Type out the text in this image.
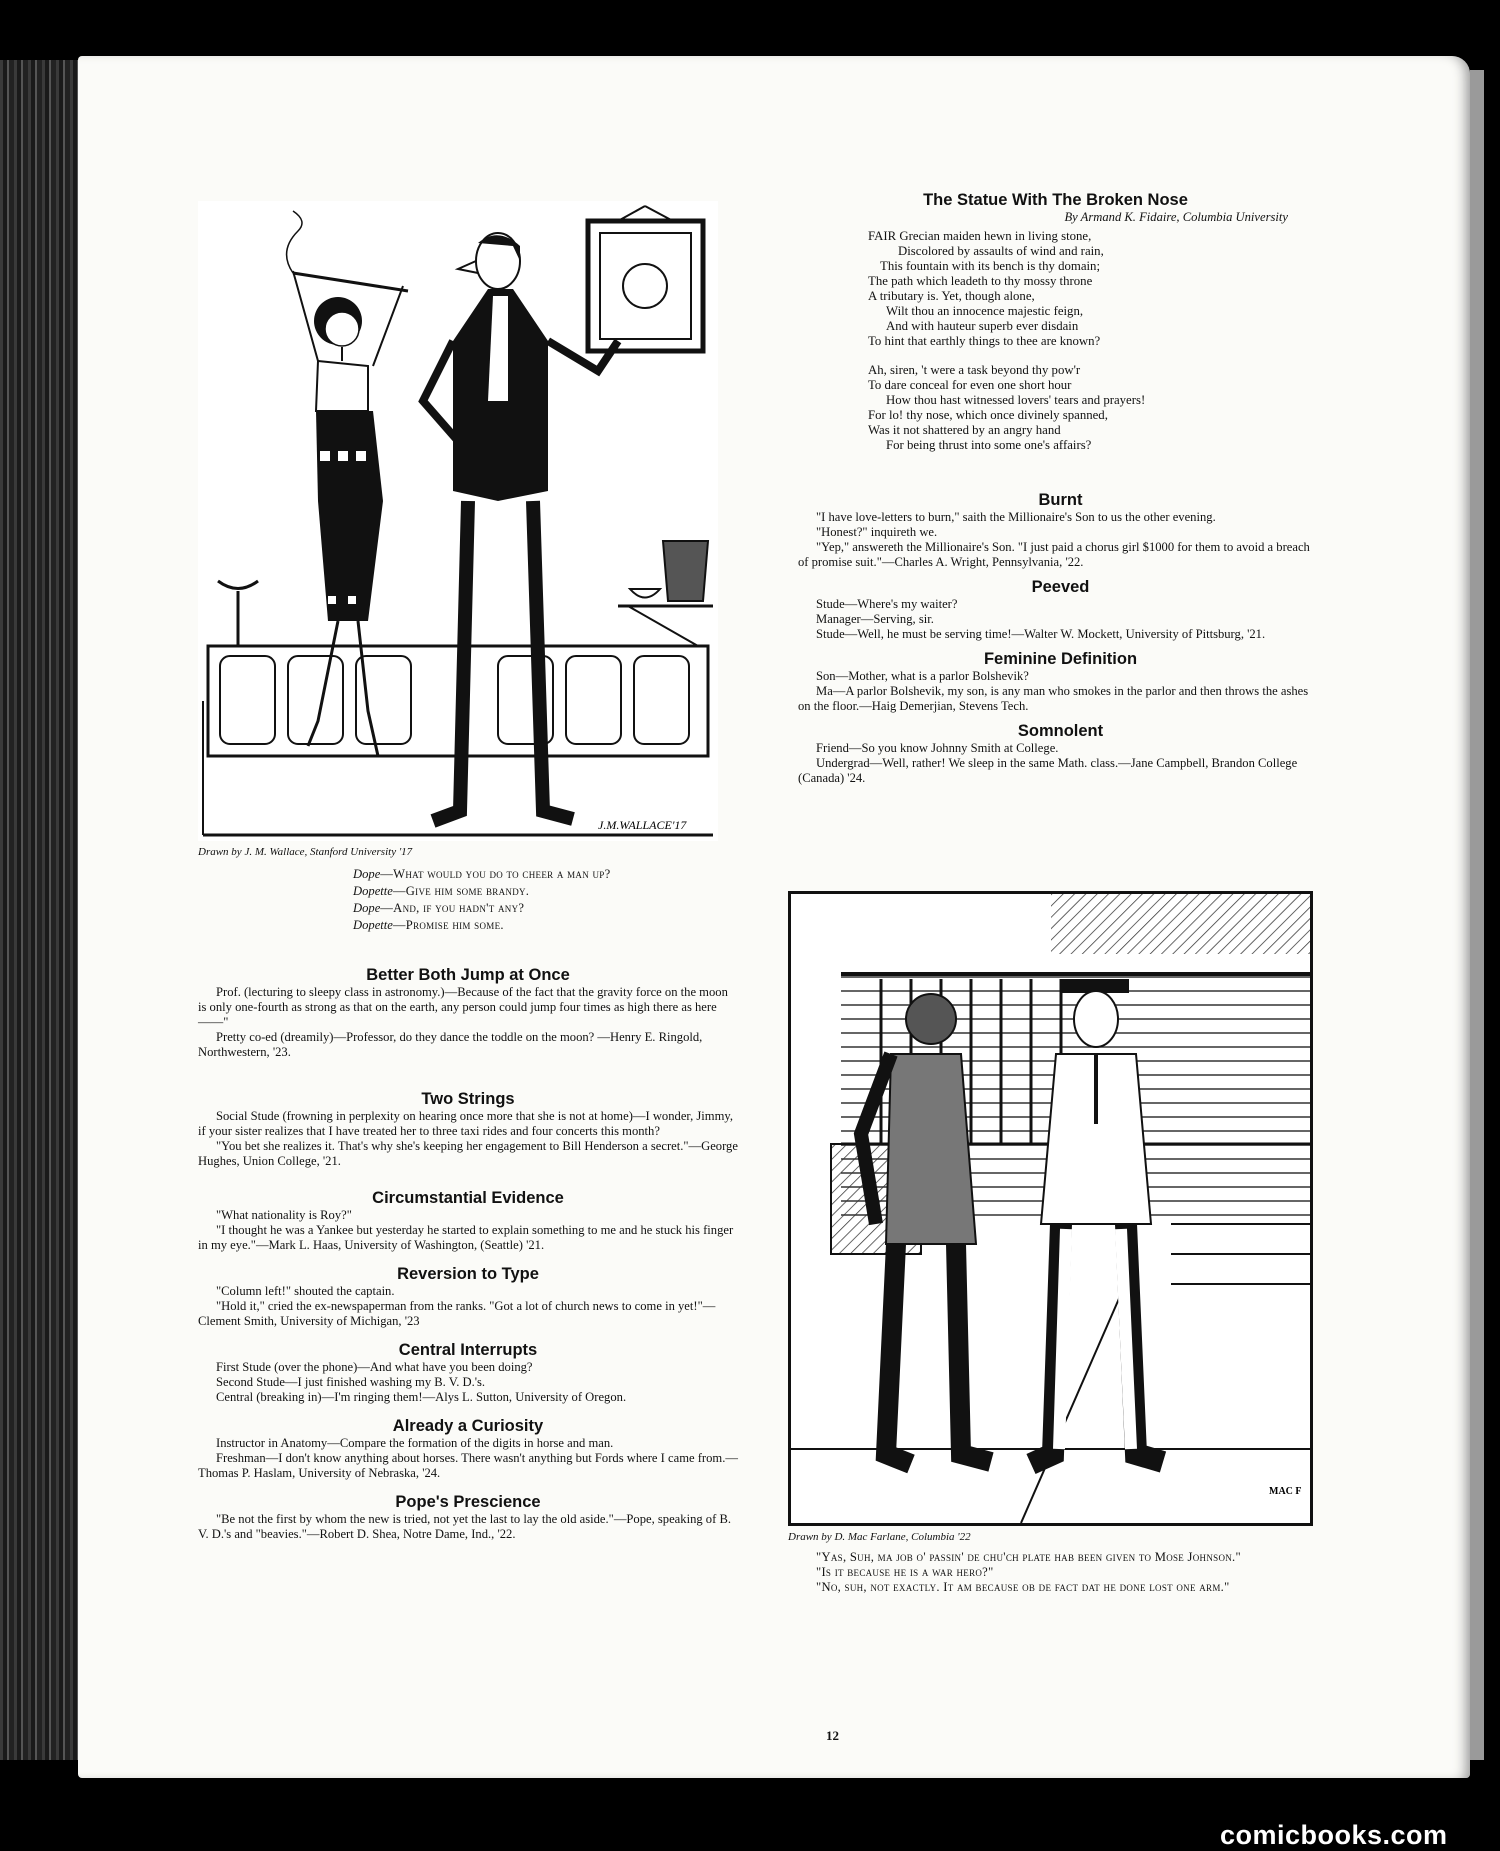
J.M.WALLACE'17
Drawn by J. M. Wallace, Stanford University '17
Dope—What would you do to cheer a man up?
Dopette—Give him some brandy.
Dope—And, if you hadn't any?
Dopette—Promise him some.
Better Both Jump at Once

Prof. (lecturing to sleepy class in astronomy.)—Because of the fact that the gravity force on the moon is only one-fourth as strong as that on the earth, any person could jump four times as high there as here——"

Pretty co-ed (dreamily)—Professor, do they dance the toddle on the moon? —Henry E. Ringold, Northwestern, '23.

Two Strings

Social Stude (frowning in perplexity on hearing once more that she is not at home)—I wonder, Jimmy, if your sister realizes that I have treated her to three taxi rides and four concerts this month?

"You bet she realizes it. That's why she's keeping her engagement to Bill Henderson a secret."—George Hughes, Union College, '21.

Circumstantial Evidence

"What nationality is Roy?"

"I thought he was a Yankee but yesterday he started to explain something to me and he stuck his finger in my eye."—Mark L. Haas, University of Washington, (Seattle) '21.

Reversion to Type

"Column left!" shouted the captain.

"Hold it," cried the ex-newspaperman from the ranks. "Got a lot of church news to come in yet!"—Clement Smith, University of Michigan, '23

Central Interrupts

First Stude (over the phone)—And what have you been doing?

Second Stude—I just finished washing my B. V. D.'s.

Central (breaking in)—I'm ringing them!—Alys L. Sutton, University of Oregon.

Already a Curiosity

Instructor in Anatomy—Compare the formation of the digits in horse and man.

Freshman—I don't know anything about horses. There wasn't anything but Fords where I came from.—Thomas P. Haslam, University of Nebraska, '24.

Pope's Prescience

"Be not the first by whom the new is tried, not yet the last to lay the old aside."—Pope, speaking of B. V. D.'s and "beavies."—Robert D. Shea, Notre Dame, Ind., '22.

The Statue With The Broken Nose
By Armand K. Fidaire, Columbia University
FAIR Grecian maiden hewn in living stone,
Discolored by assaults of wind and rain,
This fountain with its bench is thy domain;
The path which leadeth to thy mossy throne
A tributary is. Yet, though alone,
Wilt thou an innocence majestic feign,
And with hauteur superb ever disdain
To hint that earthly things to thee are known?
Ah, siren, 't were a task beyond thy pow'r
To dare conceal for even one short hour
How thou hast witnessed lovers' tears and prayers!
For lo! thy nose, which once divinely spanned,
Was it not shattered by an angry hand
For being thrust into some one's affairs?
Burnt

"I have love-letters to burn," saith the Millionaire's Son to us the other evening.

"Honest?" inquireth we.

"Yep," answereth the Millionaire's Son. "I just paid a chorus girl $1000 for them to avoid a breach of promise suit."—Charles A. Wright, Pennsylvania, '22.

Peeved

Stude—Where's my waiter?

Manager—Serving, sir.

Stude—Well, he must be serving time!—Walter W. Mockett, University of Pittsburg, '21.

Feminine Definition

Son—Mother, what is a parlor Bolshevik?

Ma—A parlor Bolshevik, my son, is any man who smokes in the parlor and then throws the ashes on the floor.—Haig Demerjian, Stevens Tech.

Somnolent

Friend—So you know Johnny Smith at College.

Undergrad—Well, rather! We sleep in the same Math. class.—Jane Campbell, Brandon College (Canada) '24.

MAC F
Drawn by D. Mac Farlane, Columbia '22

"Yas, Suh, ma job o' passin' de chu'ch plate hab been given to Mose Johnson."

"Is it because he is a war hero?"

"No, suh, not exactly. It am because ob de fact dat he done lost one arm."

12
comicbooks.com
